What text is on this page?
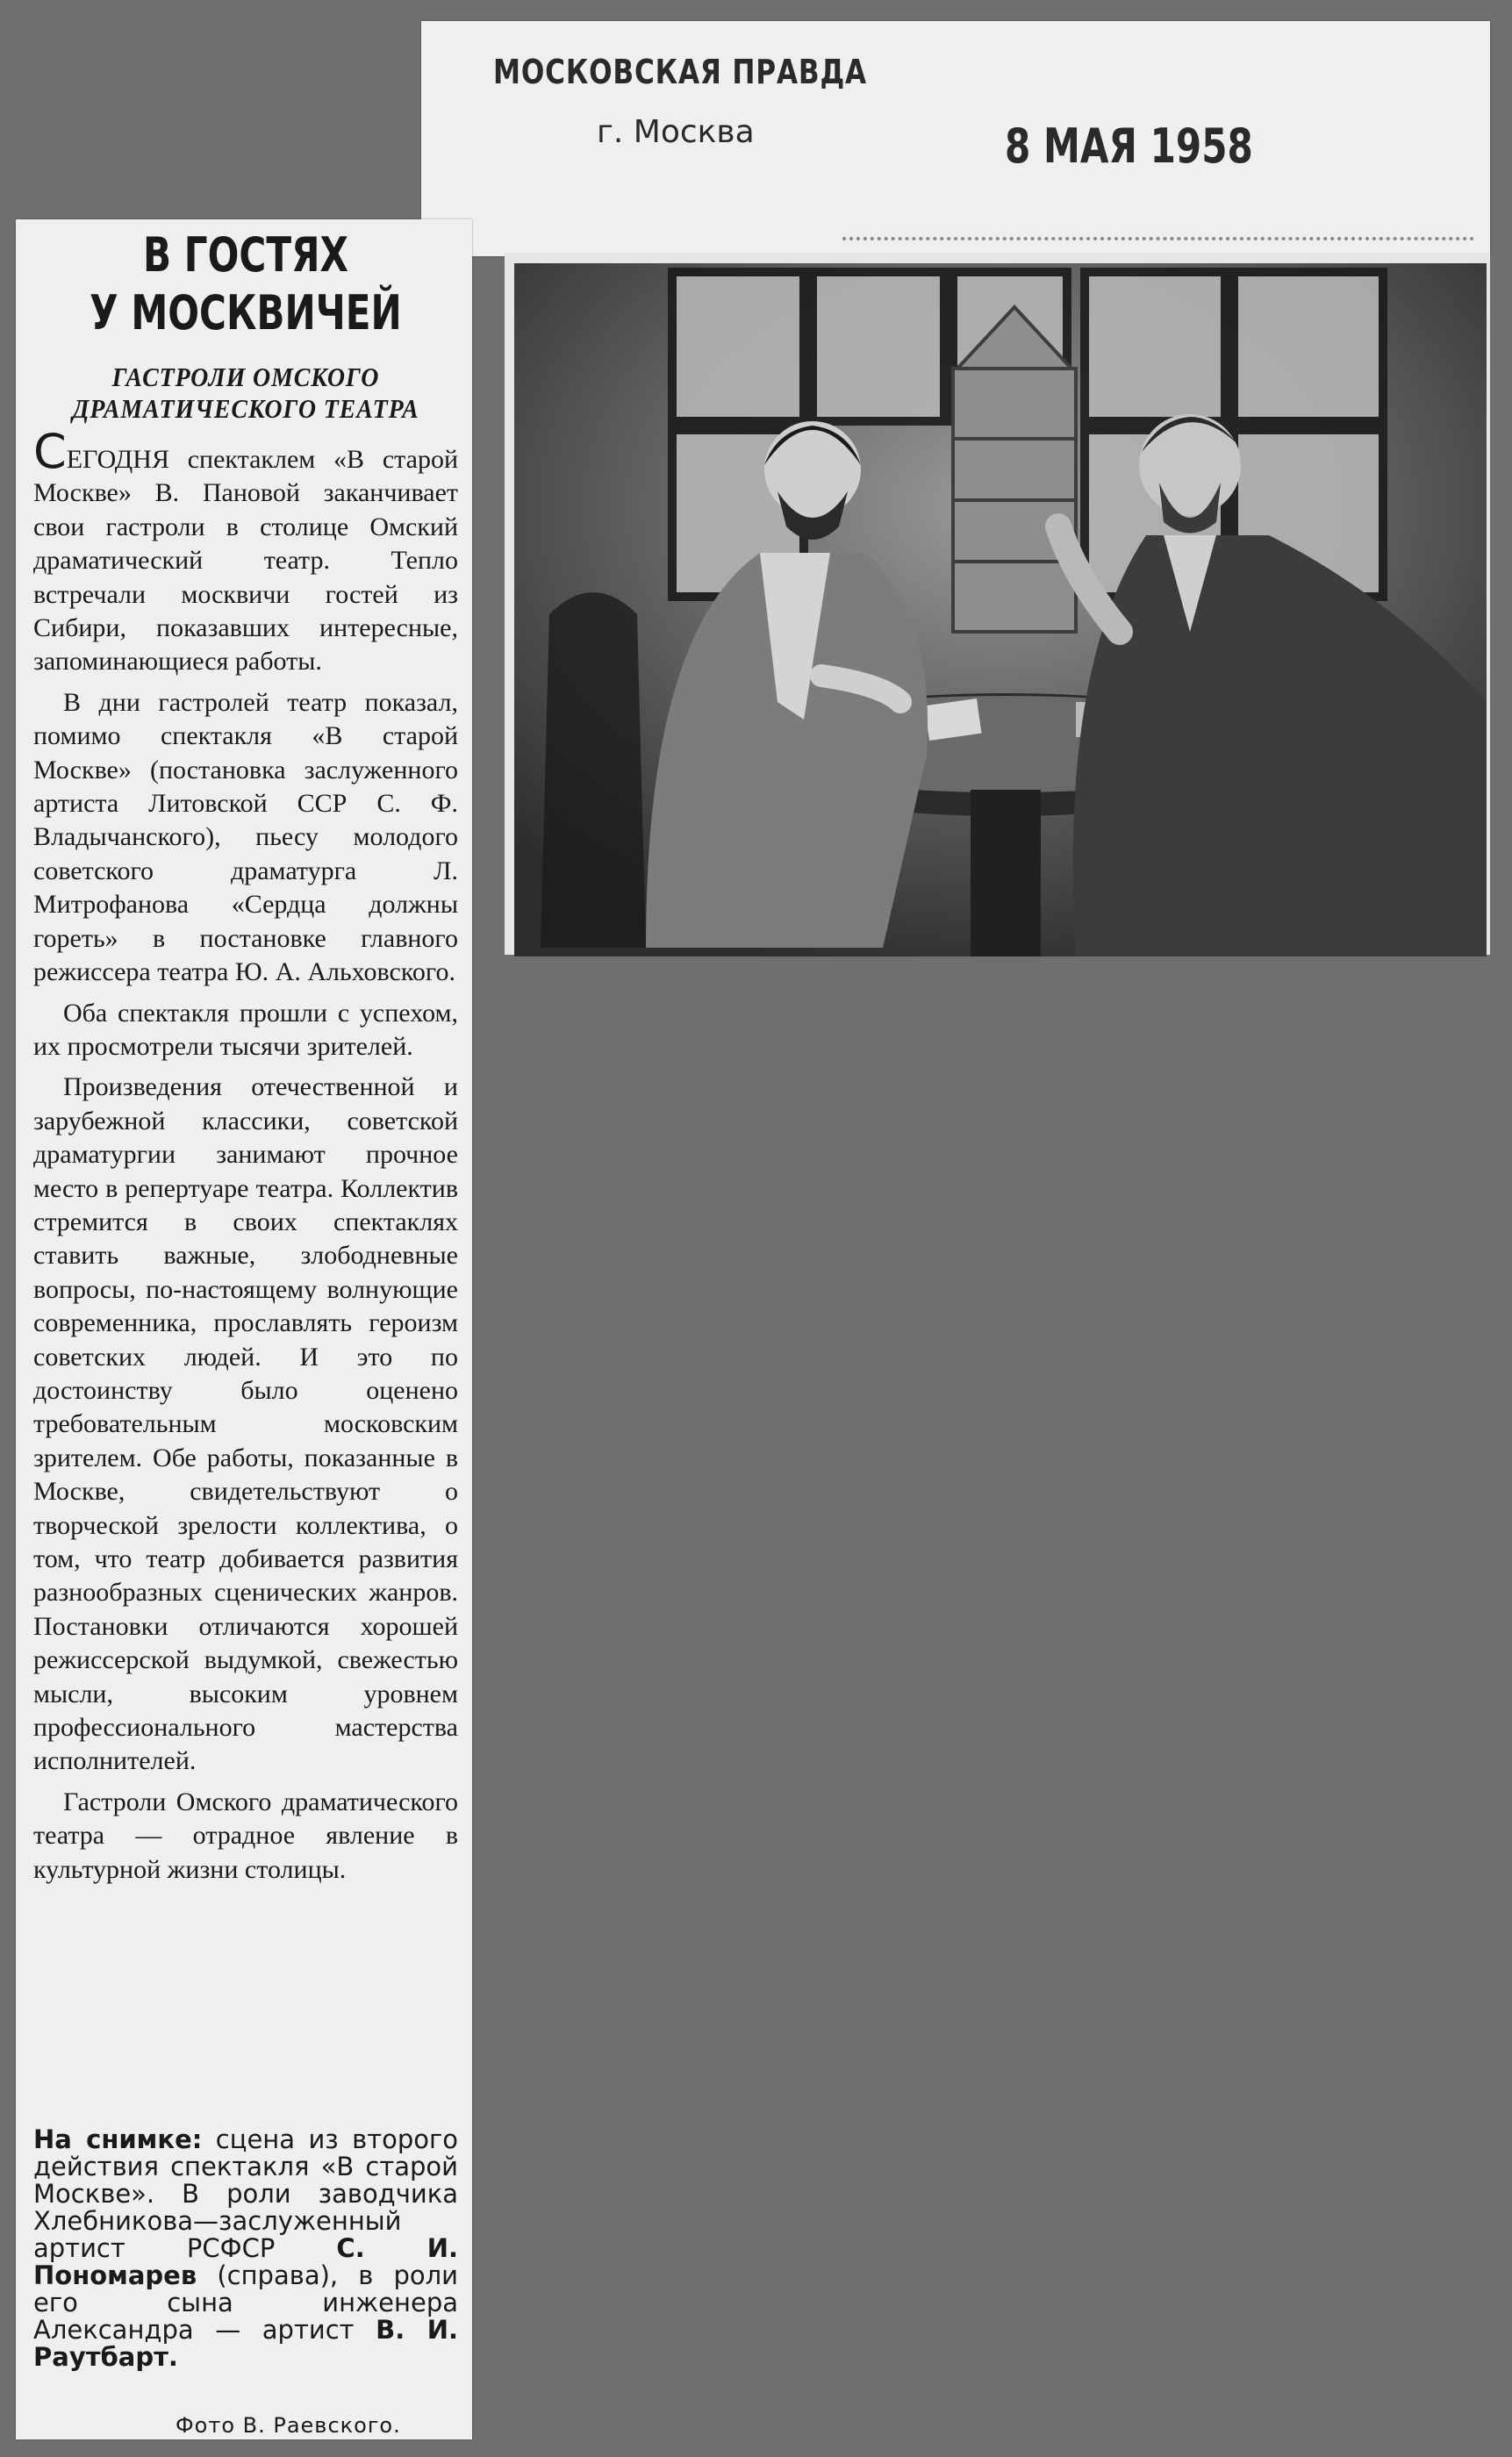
МОСКОВСКАЯ ПРАВДА
г. Москва	8 МАЯ 1958
В ГОСТЯХ
У МОСКВИЧЕЙ
ГАСТРОЛИ ОМСКОГО
ДРАМАТИЧЕСКОГО ТЕАТРА

СЕГОДНЯ спектаклем «В старой Москве» В. Пановой заканчивает свои гастроли в столице Омский драматический театр. Тепло встречали москвичи гостей из Сибири, показавших интересные, запоминающиеся работы.

В дни гастролей театр показал, помимо спектакля «В старой Москве» (постановка заслуженного артиста Литовской ССР С. Ф. Владычанского), пьесу молодого советского драматурга Л. Митрофанова «Сердца должны гореть» в постановке главного режиссера театра Ю. А. Альховского.

Оба спектакля прошли с успехом, их просмотрели тысячи зрителей.

Произведения отечественной и зарубежной классики, советской драматургии занимают прочное место в репертуаре театра. Коллектив стремится в своих спектаклях ставить важные, злободневные вопросы, по-настоящему волнующие современника, прославлять героизм советских людей. И это по достоинству было оценено требовательным московским зрителем. Обе работы, показанные в Москве, свидетельствуют о творческой зрелости коллектива, о том, что театр добивается развития разнообразных сценических жанров. Постановки отличаются хорошей режиссерской выдумкой, свежестью мысли, высоким уровнем профессионального мастерства исполнителей.

Гастроли Омского драматического театра — отрадное явление в культурной жизни столицы.

На снимке: сцена из второго действия спектакля «В старой Москве». В роли заводчика Хлебникова—заслуженный артист РСФСР С. И. Пономарев (справа), в роли его сына инженера Александра — артист В. И. Раутбарт.

Фото В. Раевского.
